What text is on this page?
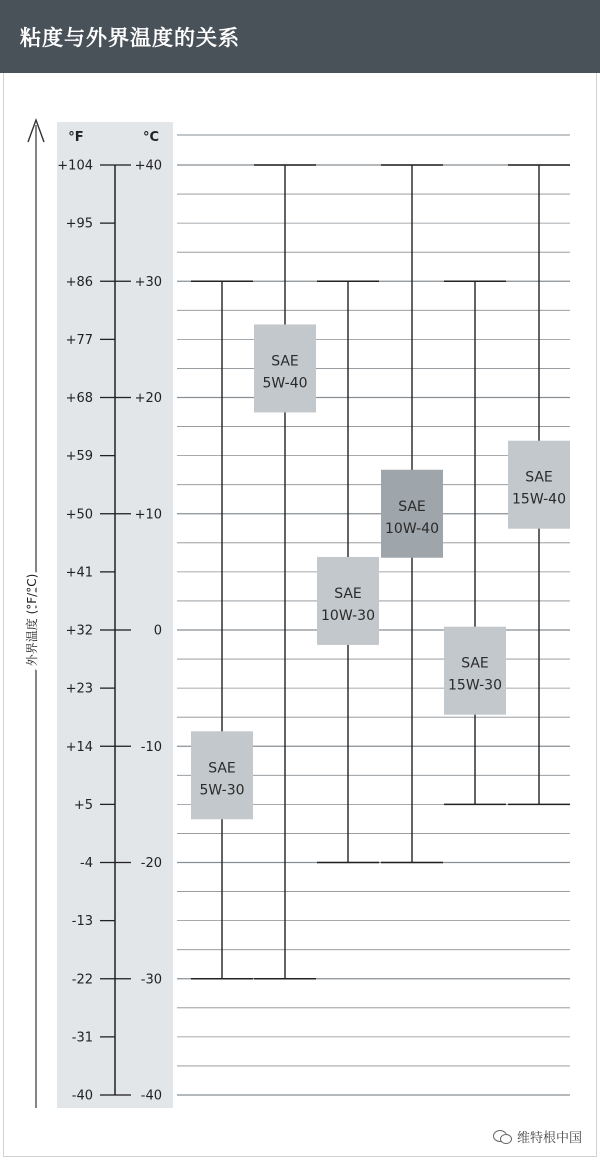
粘度与外界温度的关系
°F	°C
+104
+95
+86
+77
+68
+59
+50
+41
+32
+23
+14
+5
-4
-13
-22
-31
-40
+40
+30
+20
+10
0
-10
-20
-30
-40
外界温度 (°F/°C)
SAE
5W-30
SAE
5W-40
SAE
10W-30
SAE
10W-40
SAE
15W-30
SAE
15W-40
维特根中国
